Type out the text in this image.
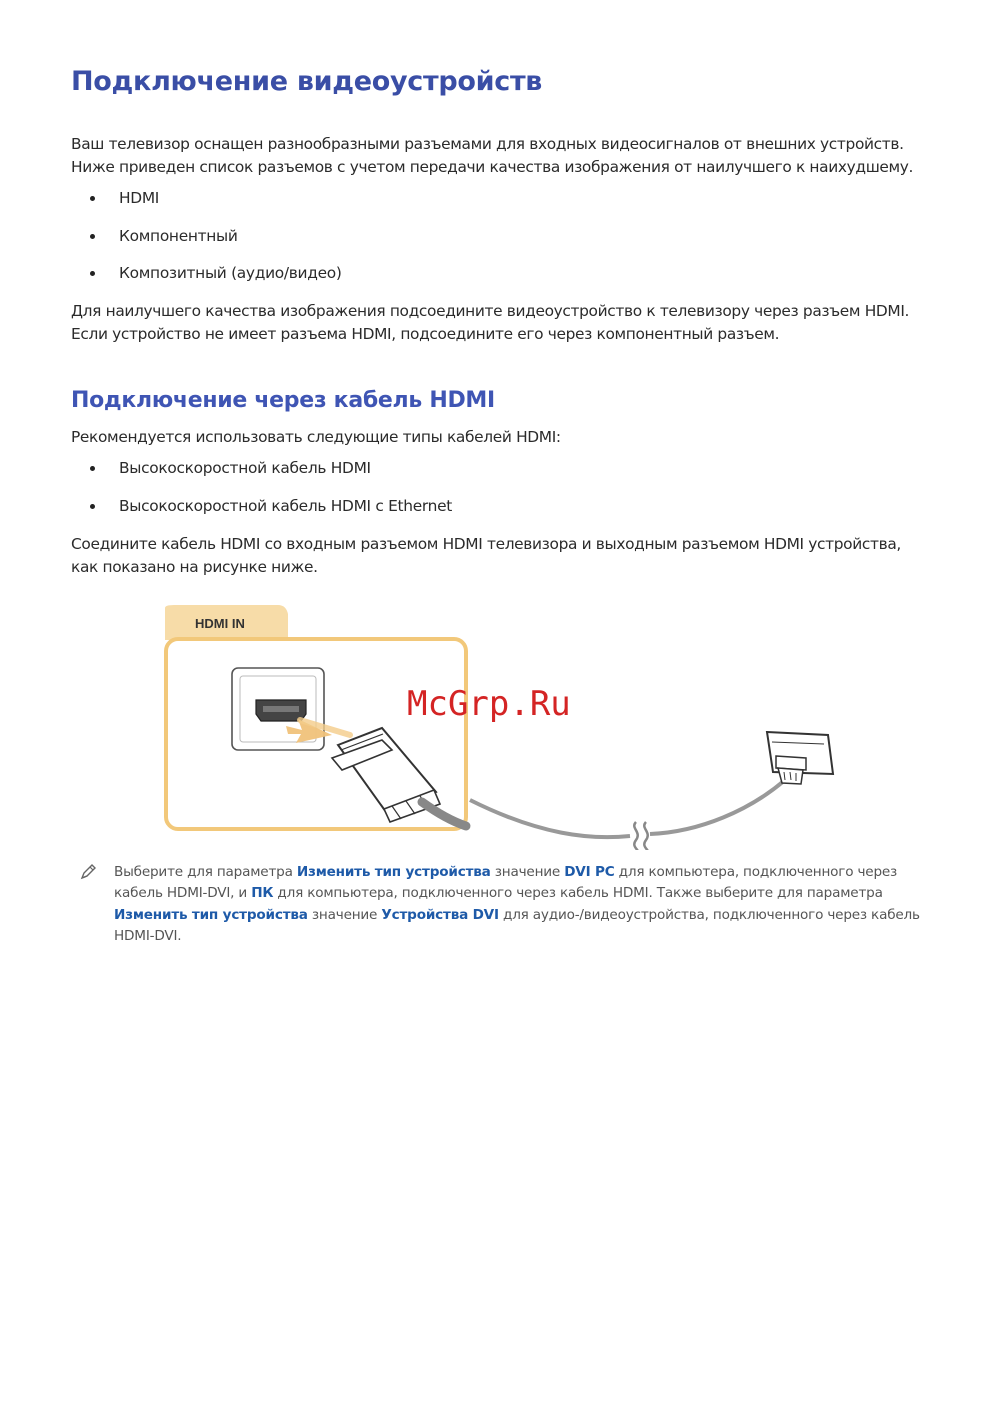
Подключение видеоустройств

Ваш телевизор оснащен разнообразными разъемами для входных видеосигналов от внешних устройств.
Ниже приведен список разъемов с учетом передачи качества изображения от наилучшего к наихудшему.

HDMI
Компонентный
Композитный (аудио/видео)

Для наилучшего качества изображения подсоедините видеоустройство к телевизору через разъем HDMI.
Если устройство не имеет разъема HDMI, подсоедините его через компонентный разъем.

Подключение через кабель HDMI

Рекомендуется использовать следующие типы кабелей HDMI:

Высокоскоростной кабель HDMI
Высокоскоростной кабель HDMI с Ethernet

Соедините кабель HDMI со входным разъемом HDMI телевизора и выходным разъемом HDMI устройства,
как показано на рисунке ниже.

HDMI IN
McGrp.Ru
Выберите для параметра Изменить тип устройства значение DVI PC для компьютера, подключенного через
кабель HDMI-DVI, и ПК для компьютера, подключенного через кабель HDMI. Также выберите для параметра
Изменить тип устройства значение Устройства DVI для аудио-/видеоустройства, подключенного через кабель
HDMI-DVI.
